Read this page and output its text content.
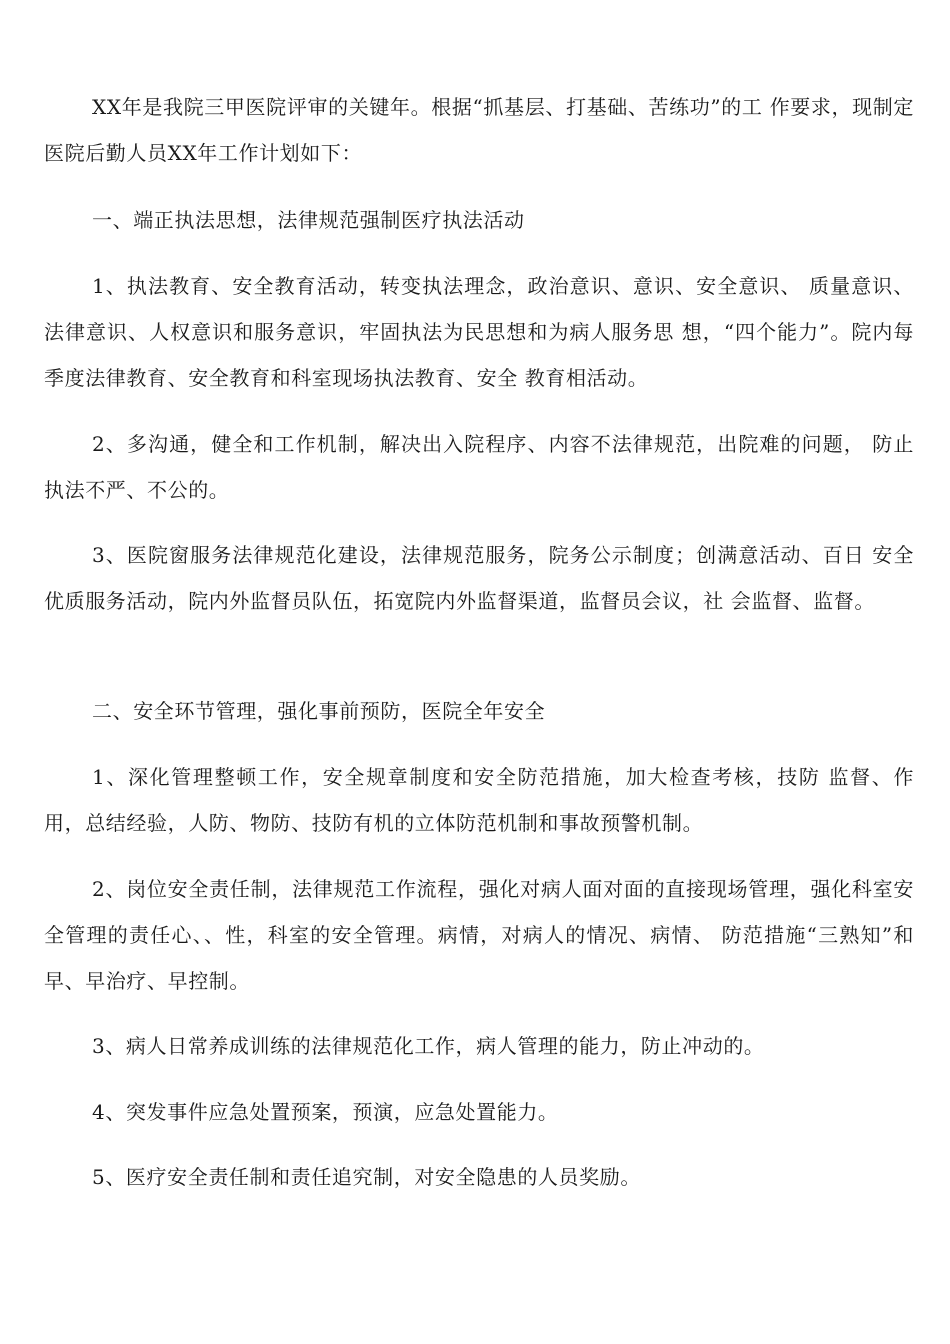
XX年是我院三甲医院评审的关键年。根据“抓基层、打基础、苦练功”的工 作要求，现制定医院后勤人员XX年工作计划如下：

一、端正执法思想，法律规范强制医疗执法活动

1、执法教育、安全教育活动，转变执法理念，政治意识、意识、安全意识、 质量意识、法律意识、人权意识和服务意识，牢固执法为民思想和为病人服务思 想，“四个能力”。院内每季度法律教育、安全教育和科室现场执法教育、安全 教育相活动。

2、多沟通，健全和工作机制，解决出入院程序、内容不法律规范，出院难的问题， 防止执法不严、不公的。

3、医院窗服务法律规范化建设，法律规范服务，院务公示制度；创满意活动、百日 安全优质服务活动，院内外监督员队伍，拓宽院内外监督渠道，监督员会议，社 会监督、监督。

二、安全环节管理，强化事前预防，医院全年安全

1、深化管理整顿工作，安全规章制度和安全防范措施，加大检查考核，技防 监督、作用，总结经验，人防、物防、技防有机的立体防范机制和事故预警机制。

2、岗位安全责任制，法律规范工作流程，强化对病人面对面的直接现场管理，强化科室安全管理的责任心、、性，科室的安全管理。病情，对病人的情况、病情、 防范措施“三熟知”和早、早治疗、早控制。

3、病人日常养成训练的法律规范化工作，病人管理的能力，防止冲动的。

4、突发事件应急处置预案，预演，应急处置能力。

5、医疗安全责任制和责任追究制，对安全隐患的人员奖励。
